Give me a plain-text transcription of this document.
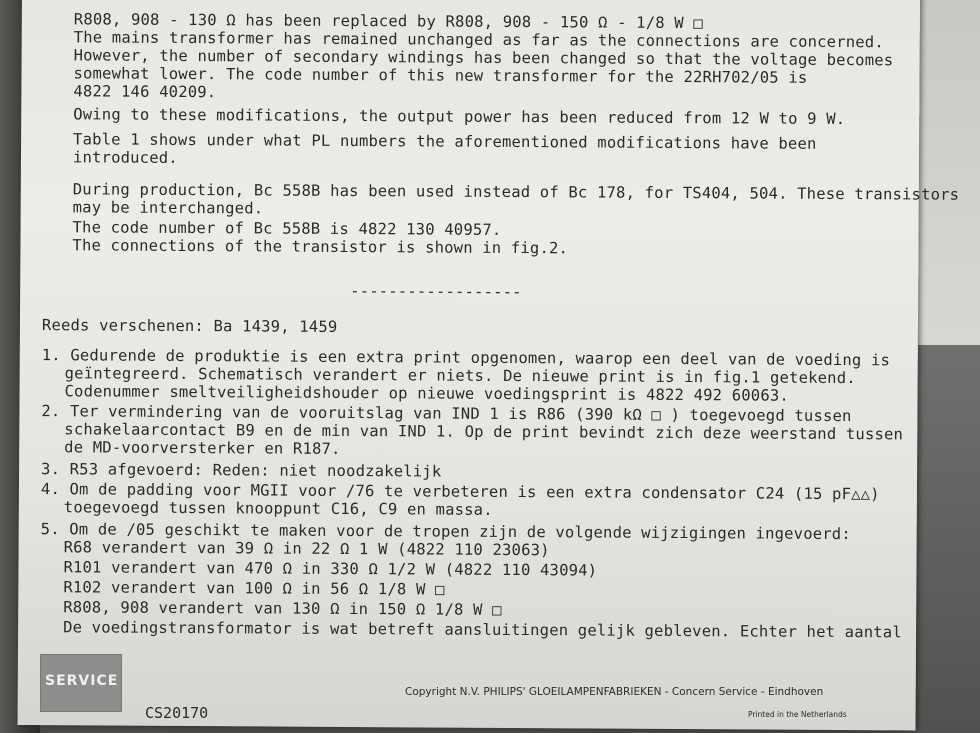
R808, 908 - 130 Ω has been replaced by R808, 908 - 150 Ω - 1/8 W □
The mains transformer has remained unchanged as far as the connections are concerned.
However, the number of secondary windings has been changed so that the voltage becomes
somewhat lower. The code number of this new transformer for the 22RH702/05 is
4822 146 40209.
Owing to these modifications, the output power has been reduced from 12 W to 9 W.
Table 1 shows under what PL numbers the aforementioned modifications have been
introduced.
During production, Bc 558B has been used instead of Bc 178, for TS404, 504. These transistors
may be interchanged.
The code number of Bc 558B is 4822 130 40957.
The connections of the transistor is shown in fig.2.
------------------
Reeds verschenen: Ba 1439, 1459
1. Gedurende de produktie is een extra print opgenomen, waarop een deel van de voeding is
geïntegreerd. Schematisch verandert er niets. De nieuwe print is in fig.1 getekend.
Codenummer smeltveiligheidshouder op nieuwe voedingsprint is 4822 492 60063.
2. Ter vermindering van de vooruitslag van IND 1 is R86 (390 kΩ □ ) toegevoegd tussen
schakelaarcontact B9 en de min van IND 1. Op de print bevindt zich deze weerstand tussen
de MD-voorversterker en R187.
3. R53 afgevoerd: Reden: niet noodzakelijk
4. Om de padding voor MGII voor /76 te verbeteren is een extra condensator C24 (15 pF△△)
toegevoegd tussen knooppunt C16, C9 en massa.
5. Om de /05 geschikt te maken voor de tropen zijn de volgende wijzigingen ingevoerd:
R68 verandert van 39 Ω in 22 Ω 1 W (4822 110 23063)
R101 verandert van 470 Ω in 330 Ω 1/2 W (4822 110 43094)
R102 verandert van 100 Ω in 56 Ω 1/8 W □
R808, 908 verandert van 130 Ω in 150 Ω 1/8 W □
De voedingstransformator is wat betreft aansluitingen gelijk gebleven. Echter het aantal
SERVICE
Copyright N.V. PHILIPS' GLOEILAMPENFABRIEKEN - Concern Service - Eindhoven
Printed in the Netherlands
CS20170
